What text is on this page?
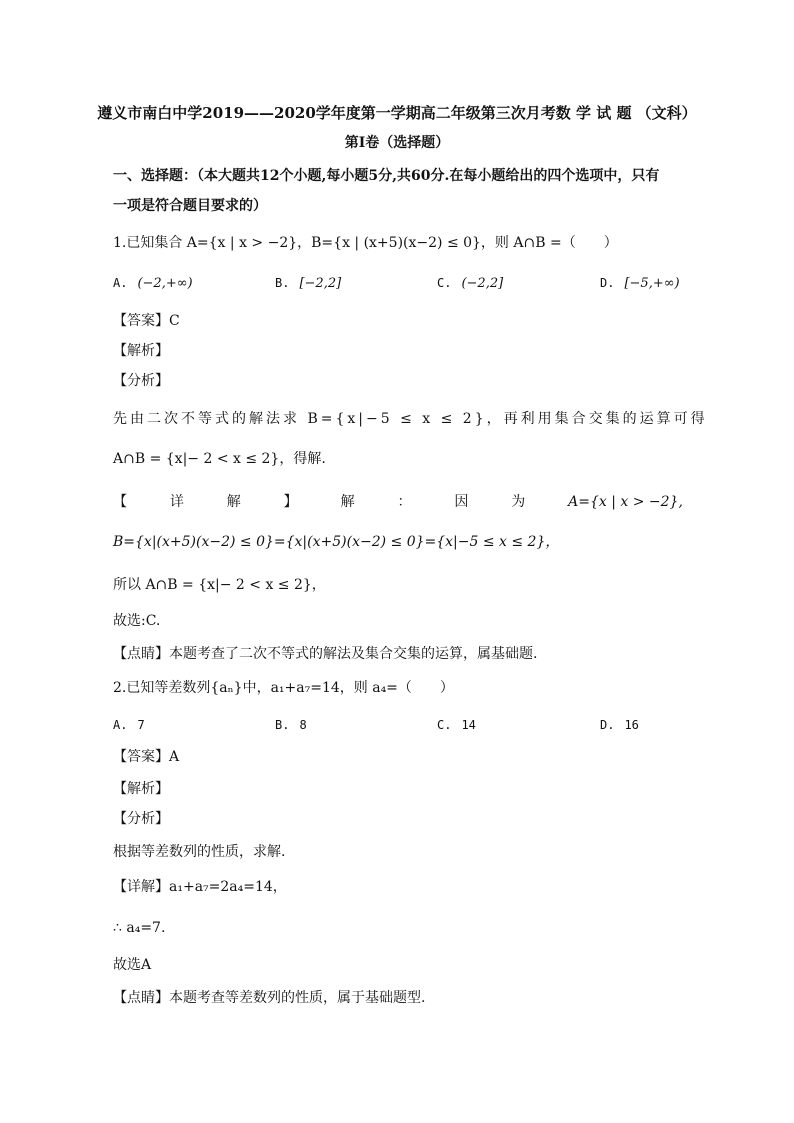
遵义市南白中学2019——2020学年度第一学期高二年级第三次月考数 学 试 题 （文科）
第Ⅰ卷（选择题）
一、选择题：（本大题共12个小题,每小题5分,共60分.在每小题给出的四个选项中，只有
一项是符合题目要求的）
1.已知集合 A={x | x > −2}，B={x | (x+5)(x−2) ≤ 0}，则 A∩B =（　　）
A. (−2,+∞)	B. [−2,2]	C. (−2,2]	D. [−5,+∞)
【答案】C
【解析】
【分析】
先由二次不等式的解法求 B={x|−5 ≤ x ≤ 2}，再利用集合交集的运算可得
A∩B = {x|− 2 < x ≤ 2}，得解.
【	详	解	】	解	：	因	为	A={x | x > −2},
B={x|(x+5)(x−2) ≤ 0}={x|(x+5)(x−2) ≤ 0}={x|−5 ≤ x ≤ 2}，
所以 A∩B = {x|− 2 < x ≤ 2}，
故选:C.
【点睛】本题考查了二次不等式的解法及集合交集的运算，属基础题.
2.已知等差数列{aₙ}中，a₁+a₇=14，则 a₄=（　　）
A. 7	B. 8	C. 14	D. 16
【答案】A
【解析】
【分析】
根据等差数列的性质，求解.
【详解】a₁+a₇=2a₄=14，
∴ a₄=7.
故选A
【点睛】本题考查等差数列的性质，属于基础题型.
